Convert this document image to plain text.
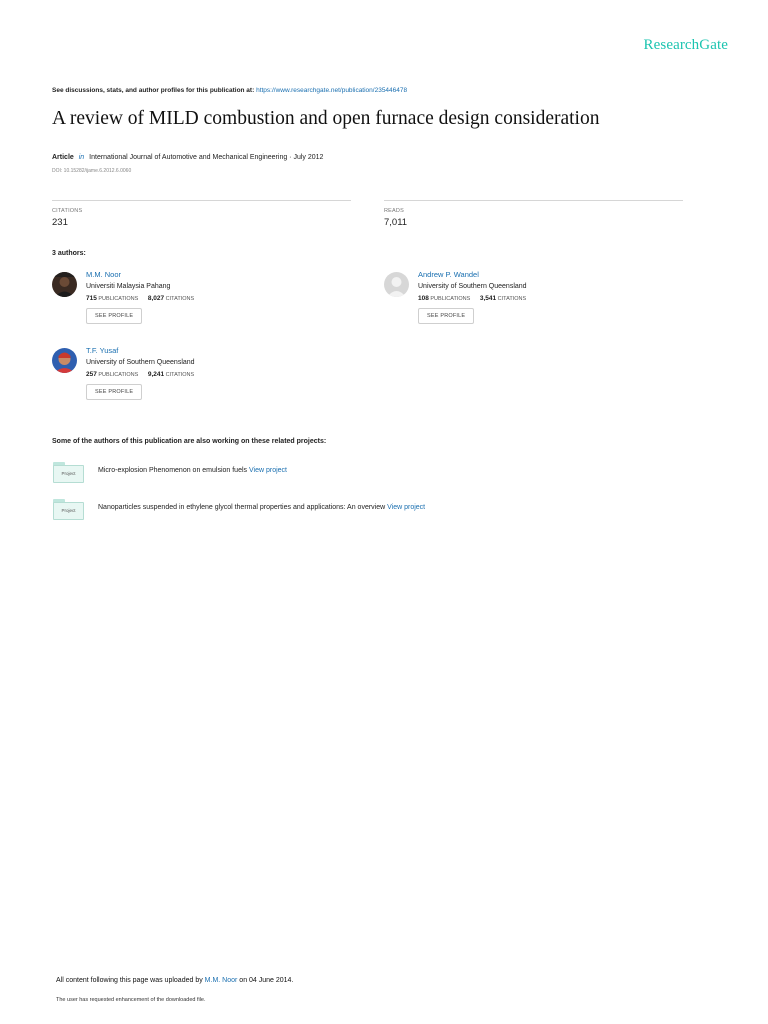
ResearchGate
See discussions, stats, and author profiles for this publication at: https://www.researchgate.net/publication/235446478
A review of MILD combustion and open furnace design consideration
Article in International Journal of Automotive and Mechanical Engineering · July 2012
DOI: 10.15282/ijame.6.2012.6.0060
CITATIONS
231
READS
7,011
3 authors:
M.M. Noor
Universiti Malaysia Pahang
715 PUBLICATIONS 8,027 CITATIONS
SEE PROFILE
Andrew P. Wandel
University of Southern Queensland
108 PUBLICATIONS 3,541 CITATIONS
SEE PROFILE
T.F. Yusaf
University of Southern Queensland
257 PUBLICATIONS 9,241 CITATIONS
SEE PROFILE
Some of the authors of this publication are also working on these related projects:
Project	Micro-explosion Phenomenon on emulsion fuels View project
Project	Nanoparticles suspended in ethylene glycol thermal properties and applications: An overview View project
All content following this page was uploaded by M.M. Noor on 04 June 2014.
The user has requested enhancement of the downloaded file.
